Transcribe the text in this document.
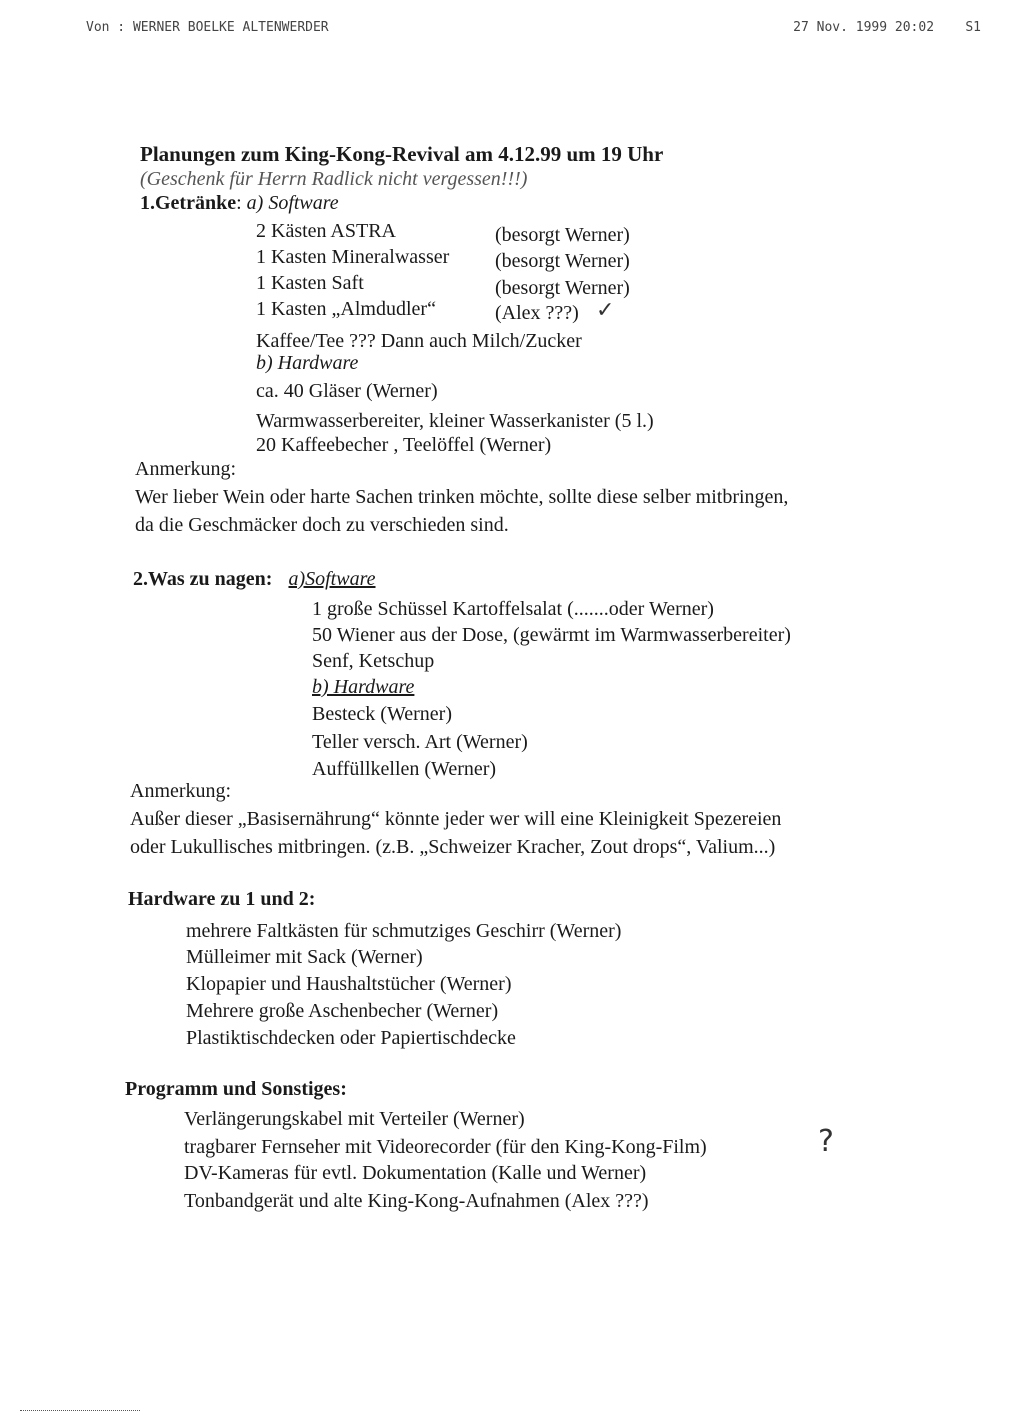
Von : WERNER BOELKE ALTENWERDER	27 Nov. 1999 20:02 S1
Planungen zum King-Kong-Revival am 4.12.99 um 19 Uhr
(Geschenk für Herrn Radlick nicht vergessen!!!)
1.Getränke: a) Software
2 Kästen ASTRA	(besorgt Werner)
1 Kasten Mineralwasser (besorgt Werner)
1 Kasten Saft	(besorgt Werner)
1 Kasten „Almdudler“	(Alex ???) ✓
Kaffee/Tee ??? Dann auch Milch/Zucker
b) Hardware
ca. 40 Gläser (Werner)
Warmwasserbereiter, kleiner Wasserkanister (5 l.)
20 Kaffeebecher , Teelöffel (Werner)
Anmerkung:
Wer lieber Wein oder harte Sachen trinken möchte, sollte diese selber mitbringen,
da die Geschmäcker doch zu verschieden sind.
2.Was zu nagen: a)Software
1 große Schüssel Kartoffelsalat (.......oder Werner)
50 Wiener aus der Dose, (gewärmt im Warmwasserbereiter)
Senf, Ketschup
b) Hardware
Besteck (Werner)
Teller versch. Art (Werner)
Auffüllkellen (Werner)
Anmerkung:
Außer dieser „Basisernährung“ könnte jeder wer will eine Kleinigkeit Spezereien
oder Lukullisches mitbringen. (z.B. „Schweizer Kracher, Zout drops“, Valium...)
Hardware zu 1 und 2:
mehrere Faltkästen für schmutziges Geschirr (Werner)
Mülleimer mit Sack (Werner)
Klopapier und Haushaltstücher (Werner)
Mehrere große Aschenbecher (Werner)
Plastiktischdecken oder Papiertischdecke
Programm und Sonstiges:
Verlängerungskabel mit Verteiler (Werner)
tragbarer Fernseher mit Videorecorder (für den King-Kong-Film)
DV-Kameras für evtl. Dokumentation (Kalle und Werner)
Tonbandgerät und alte King-Kong-Aufnahmen (Alex ???)
?
